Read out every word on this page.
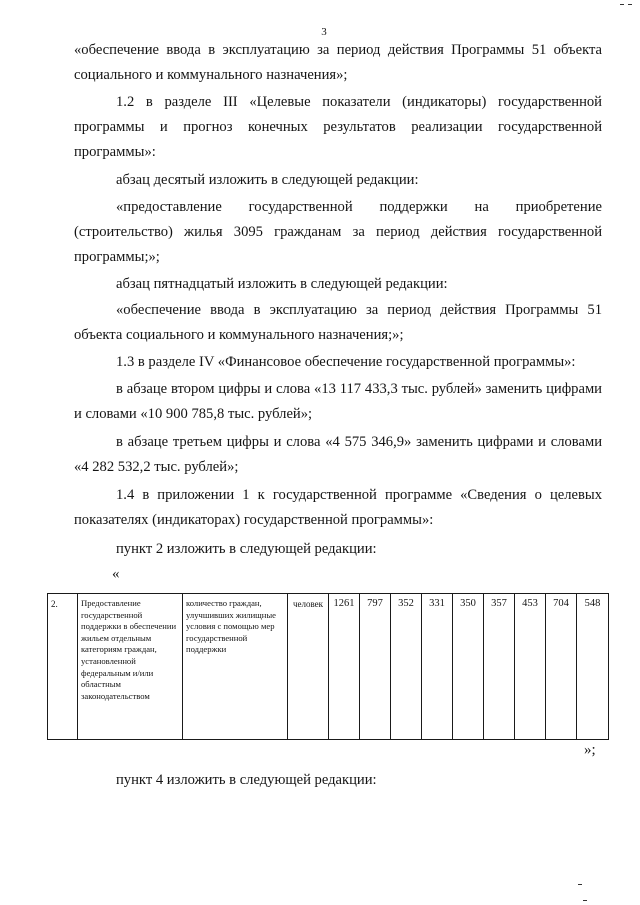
3
«обеспечение ввода в эксплуатацию за период действия Программы 51 объекта социального и коммунального назначения»;
1.2 в разделе III «Целевые показатели (индикаторы) государственной программы и прогноз конечных результатов реализации государственной программы»:
абзац десятый изложить в следующей редакции:
«предоставление государственной поддержки на приобретение (строительство) жилья 3095 гражданам за период действия государственной программы;»;
абзац пятнадцатый изложить в следующей редакции:
«обеспечение ввода в эксплуатацию за период действия Программы 51 объекта социального и коммунального назначения;»;
1.3 в разделе IV «Финансовое обеспечение государственной программы»:
в абзаце втором цифры и слова «13 117 433,3 тыс. рублей» заменить цифрами и словами «10 900 785,8 тыс. рублей»;
в абзаце третьем цифры и слова «4 575 346,9» заменить цифрами и словами «4 282 532,2 тыс. рублей»;
1.4 в приложении 1 к государственной программе «Сведения о целевых показателях (индикаторах) государственной программы»:
пункт 2 изложить в следующей редакции:
«
2.	Предоставление государственной поддержки в обеспечении жильем отдельным категориям граждан, установленной федеральным и/или областным законодательством	количество граждан, улучшивших жилищные условия с помощью мер государственной поддержки	человек	1261	797	352	331	350	357	453	704	548
»;
пункт 4 изложить в следующей редакции:
